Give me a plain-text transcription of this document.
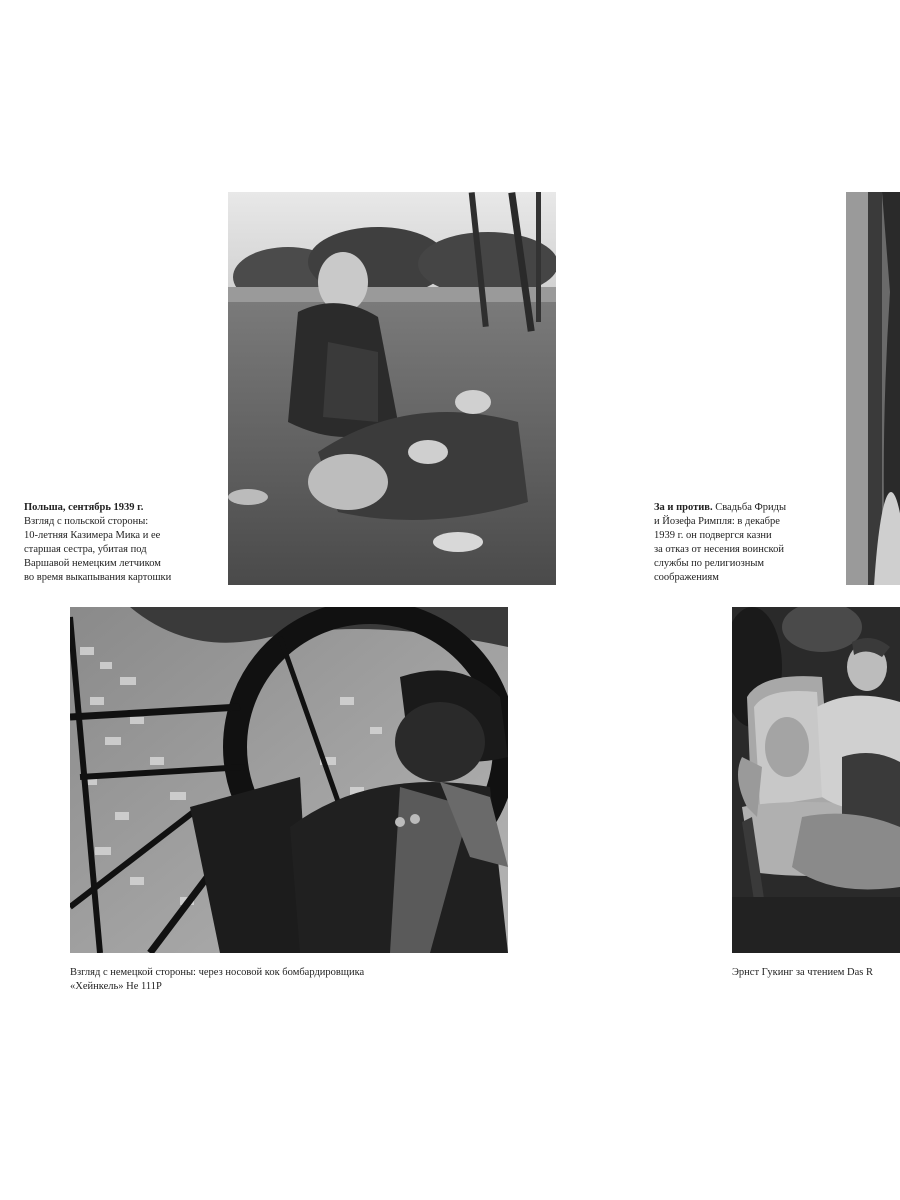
Польша, сентябрь 1939 г.
Взгляд с польской стороны:
10-летняя Казимера Мика и ее
старшая сестра, убитая под
Варшавой немецким летчиком
во время выкапывания картошки
За и против. Свадьба Фриды
и Йозефа Римпля: в декабре
1939 г. он подвергся казни
за отказ от несения воинской
службы по религиозным
соображениям
Взгляд с немецкой стороны: через носовой кок бомбардировщика
«Хейнкель» He 111P
Эрнст Гукинг за чтением Das R
